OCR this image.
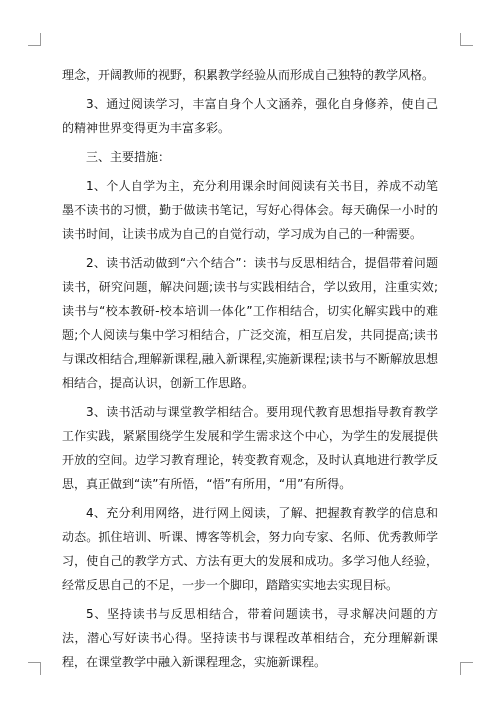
理念，开阔教师的视野，积累教学经验从而形成自己独特的教学风格。

3、通过阅读学习，丰富自身个人文涵养，强化自身修养，使自己的精神世界变得更为丰富多彩。

三、主要措施：

1、个人自学为主，充分利用课余时间阅读有关书目，养成不动笔墨不读书的习惯，勤于做读书笔记，写好心得体会。每天确保一小时的读书时间，让读书成为自己的自觉行动，学习成为自己的一种需要。

2、读书活动做到“六个结合”：读书与反思相结合，提倡带着问题读书，研究问题，解决问题;读书与实践相结合，学以致用，注重实效;读书与“校本教研-校本培训一体化”工作相结合，切实化解实践中的难题;个人阅读与集中学习相结合，广泛交流，相互启发，共同提高;读书与课改相结合,理解新课程,融入新课程,实施新课程;读书与不断解放思想相结合，提高认识，创新工作思路。

3、读书活动与课堂教学相结合。要用现代教育思想指导教育教学工作实践，紧紧围绕学生发展和学生需求这个中心，为学生的发展提供开放的空间。边学习教育理论，转变教育观念，及时认真地进行教学反思，真正做到“读”有所悟，“悟”有所用，“用”有所得。

4、充分利用网络，进行网上阅读，了解、把握教育教学的信息和动态。抓住培训、听课、博客等机会，努力向专家、名师、优秀教师学习，使自己的教学方式、方法有更大的发展和成功。多学习他人经验，经常反思自己的不足，一步一个脚印，踏踏实实地去实现目标。

5、坚持读书与反思相结合，带着问题读书，寻求解决问题的方法，潜心写好读书心得。坚持读书与课程改革相结合，充分理解新课程，在课堂教学中融入新课程理念，实施新课程。
